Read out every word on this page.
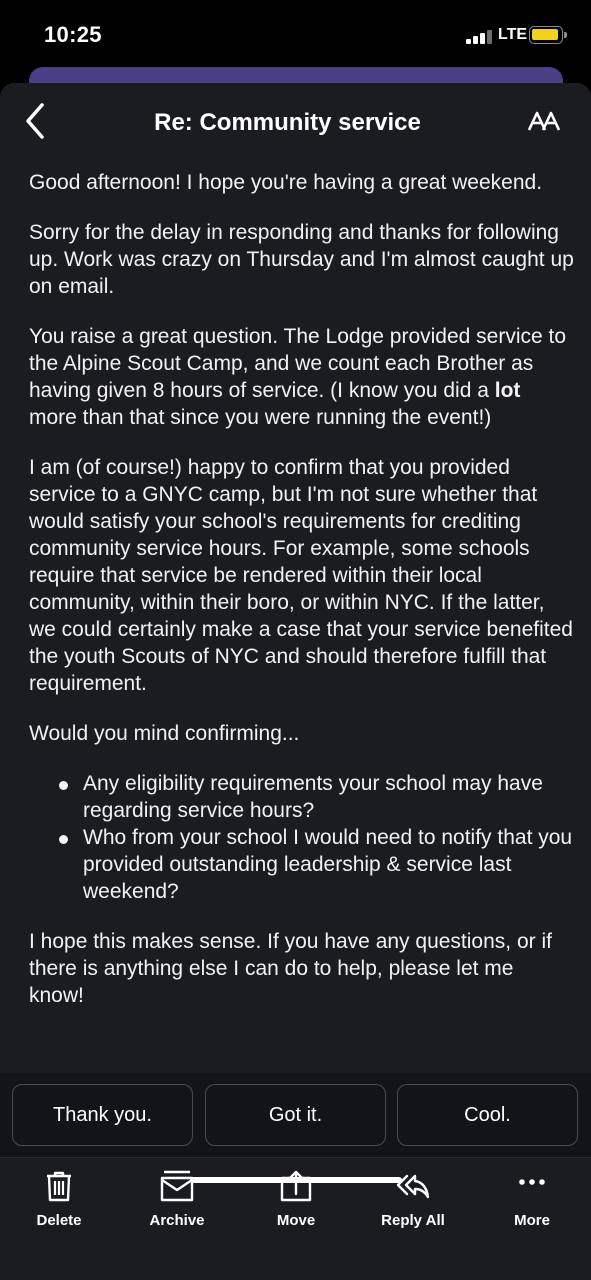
10:25	LTE
Re: Community service

Good afternoon! I hope you're having a great weekend.

Sorry for the delay in responding and thanks for following up. Work was crazy on Thursday and I'm almost caught up on email.

You raise a great question. The Lodge provided service to the Alpine Scout Camp, and we count each Brother as having given 8 hours of service. (I know you did a lot more than that since you were running the event!)

I am (of course!) happy to confirm that you provided service to a GNYC camp, but I'm not sure whether that would satisfy your school's requirements for crediting community service hours. For example, some schools require that service be rendered within their local community, within their boro, or within NYC. If the latter, we could certainly make a case that your service benefited the youth Scouts of NYC and should therefore fulfill that requirement.

Would you mind confirming...

Any eligibility requirements your school may have regarding service hours?
Who from your school I would need to notify that you provided outstanding leadership & service last weekend?

I hope this makes sense. If you have any questions, or if there is anything else I can do to help, please let me know!

Thank you.	Got it.	Cool.
Delete	Archive	Move	Reply All	More
